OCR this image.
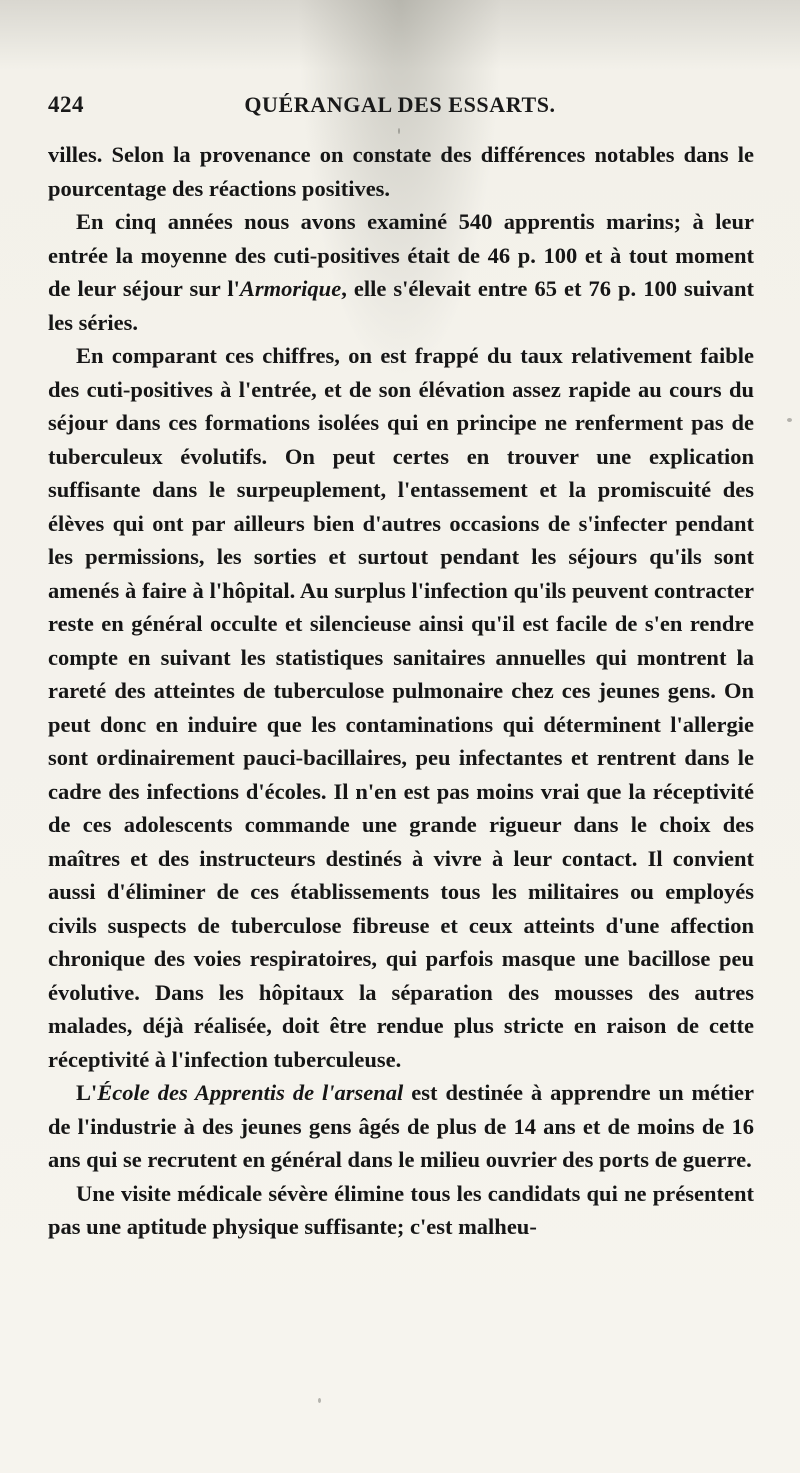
424	QUÉRANGAL DES ESSARTS.

villes. Selon la provenance on constate des différences notables dans le pourcentage des réactions positives.

En cinq années nous avons examiné 540 apprentis marins; à leur entrée la moyenne des cuti-positives était de 46 p. 100 et à tout moment de leur séjour sur l'Armorique, elle s'élevait entre 65 et 76 p. 100 suivant les séries.

En comparant ces chiffres, on est frappé du taux relativement faible des cuti-positives à l'entrée, et de son élévation assez rapide au cours du séjour dans ces formations isolées qui en principe ne renferment pas de tuberculeux évolutifs. On peut certes en trouver une explication suffisante dans le surpeuplement, l'entassement et la promiscuité des élèves qui ont par ailleurs bien d'autres occasions de s'infecter pendant les permissions, les sorties et surtout pendant les séjours qu'ils sont amenés à faire à l'hôpital. Au surplus l'infection qu'ils peuvent contracter reste en général occulte et silencieuse ainsi qu'il est facile de s'en rendre compte en suivant les statistiques sanitaires annuelles qui montrent la rareté des atteintes de tuberculose pulmonaire chez ces jeunes gens. On peut donc en induire que les contaminations qui déterminent l'allergie sont ordinairement pauci-bacillaires, peu infectantes et rentrent dans le cadre des infections d'écoles. Il n'en est pas moins vrai que la réceptivité de ces adolescents commande une grande rigueur dans le choix des maîtres et des instructeurs destinés à vivre à leur contact. Il convient aussi d'éliminer de ces établissements tous les militaires ou employés civils suspects de tuberculose fibreuse et ceux atteints d'une affection chronique des voies respiratoires, qui parfois masque une bacillose peu évolutive. Dans les hôpitaux la séparation des mousses des autres malades, déjà réalisée, doit être rendue plus stricte en raison de cette réceptivité à l'infection tuberculeuse.

L'École des Apprentis de l'arsenal est destinée à apprendre un métier de l'industrie à des jeunes gens âgés de plus de 14 ans et de moins de 16 ans qui se recrutent en général dans le milieu ouvrier des ports de guerre.

Une visite médicale sévère élimine tous les candidats qui ne présentent pas une aptitude physique suffisante; c'est malheu-
